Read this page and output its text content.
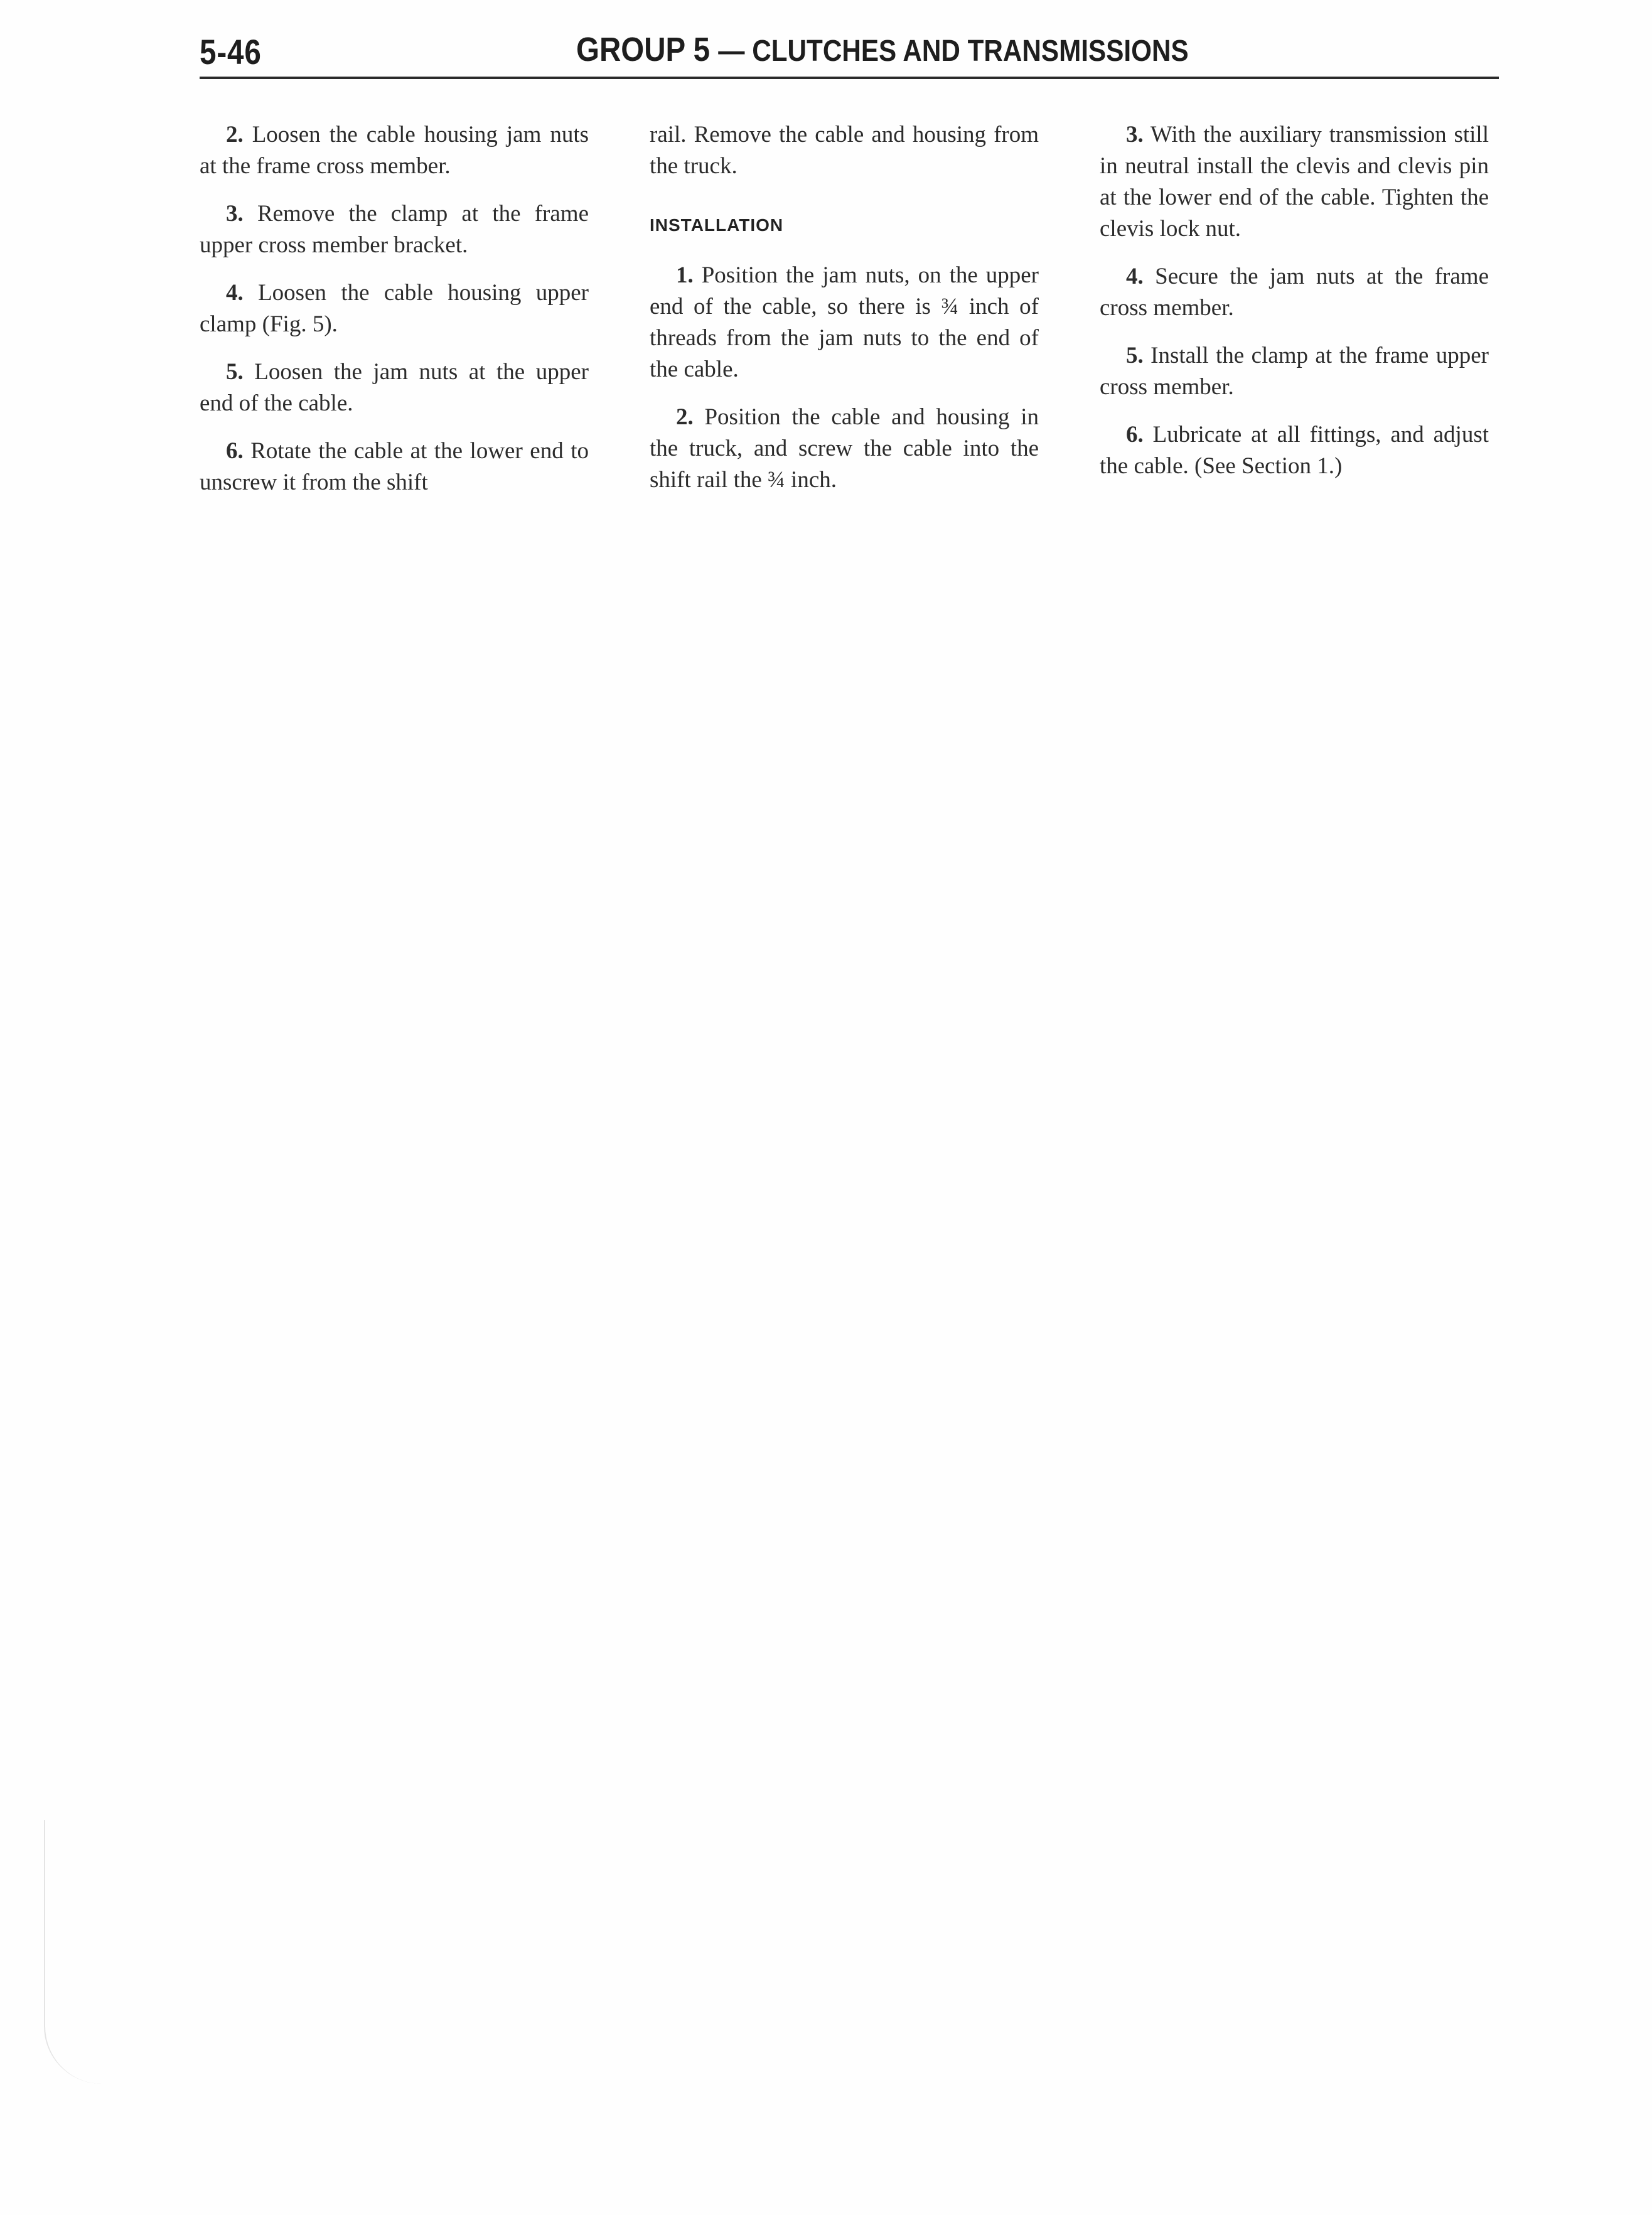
5-46	GROUP 5 — CLUTCHES AND TRANSMISSIONS

2. Loosen the cable housing jam nuts at the frame cross member.

3. Remove the clamp at the frame upper cross member bracket.

4. Loosen the cable housing upper clamp (Fig. 5).

5. Loosen the jam nuts at the upper end of the cable.

6. Rotate the cable at the lower end to unscrew it from the shift

rail. Remove the cable and housing from the truck.

INSTALLATION

1. Position the jam nuts, on the upper end of the cable, so there is ¾ inch of threads from the jam nuts to the end of the cable.

2. Position the cable and housing in the truck, and screw the cable into the shift rail the ¾ inch.

3. With the auxiliary transmission still in neutral install the clevis and clevis pin at the lower end of the cable. Tighten the clevis lock nut.

4. Secure the jam nuts at the frame cross member.

5. Install the clamp at the frame upper cross member.

6. Lubricate at all fittings, and adjust the cable. (See Section 1.)
